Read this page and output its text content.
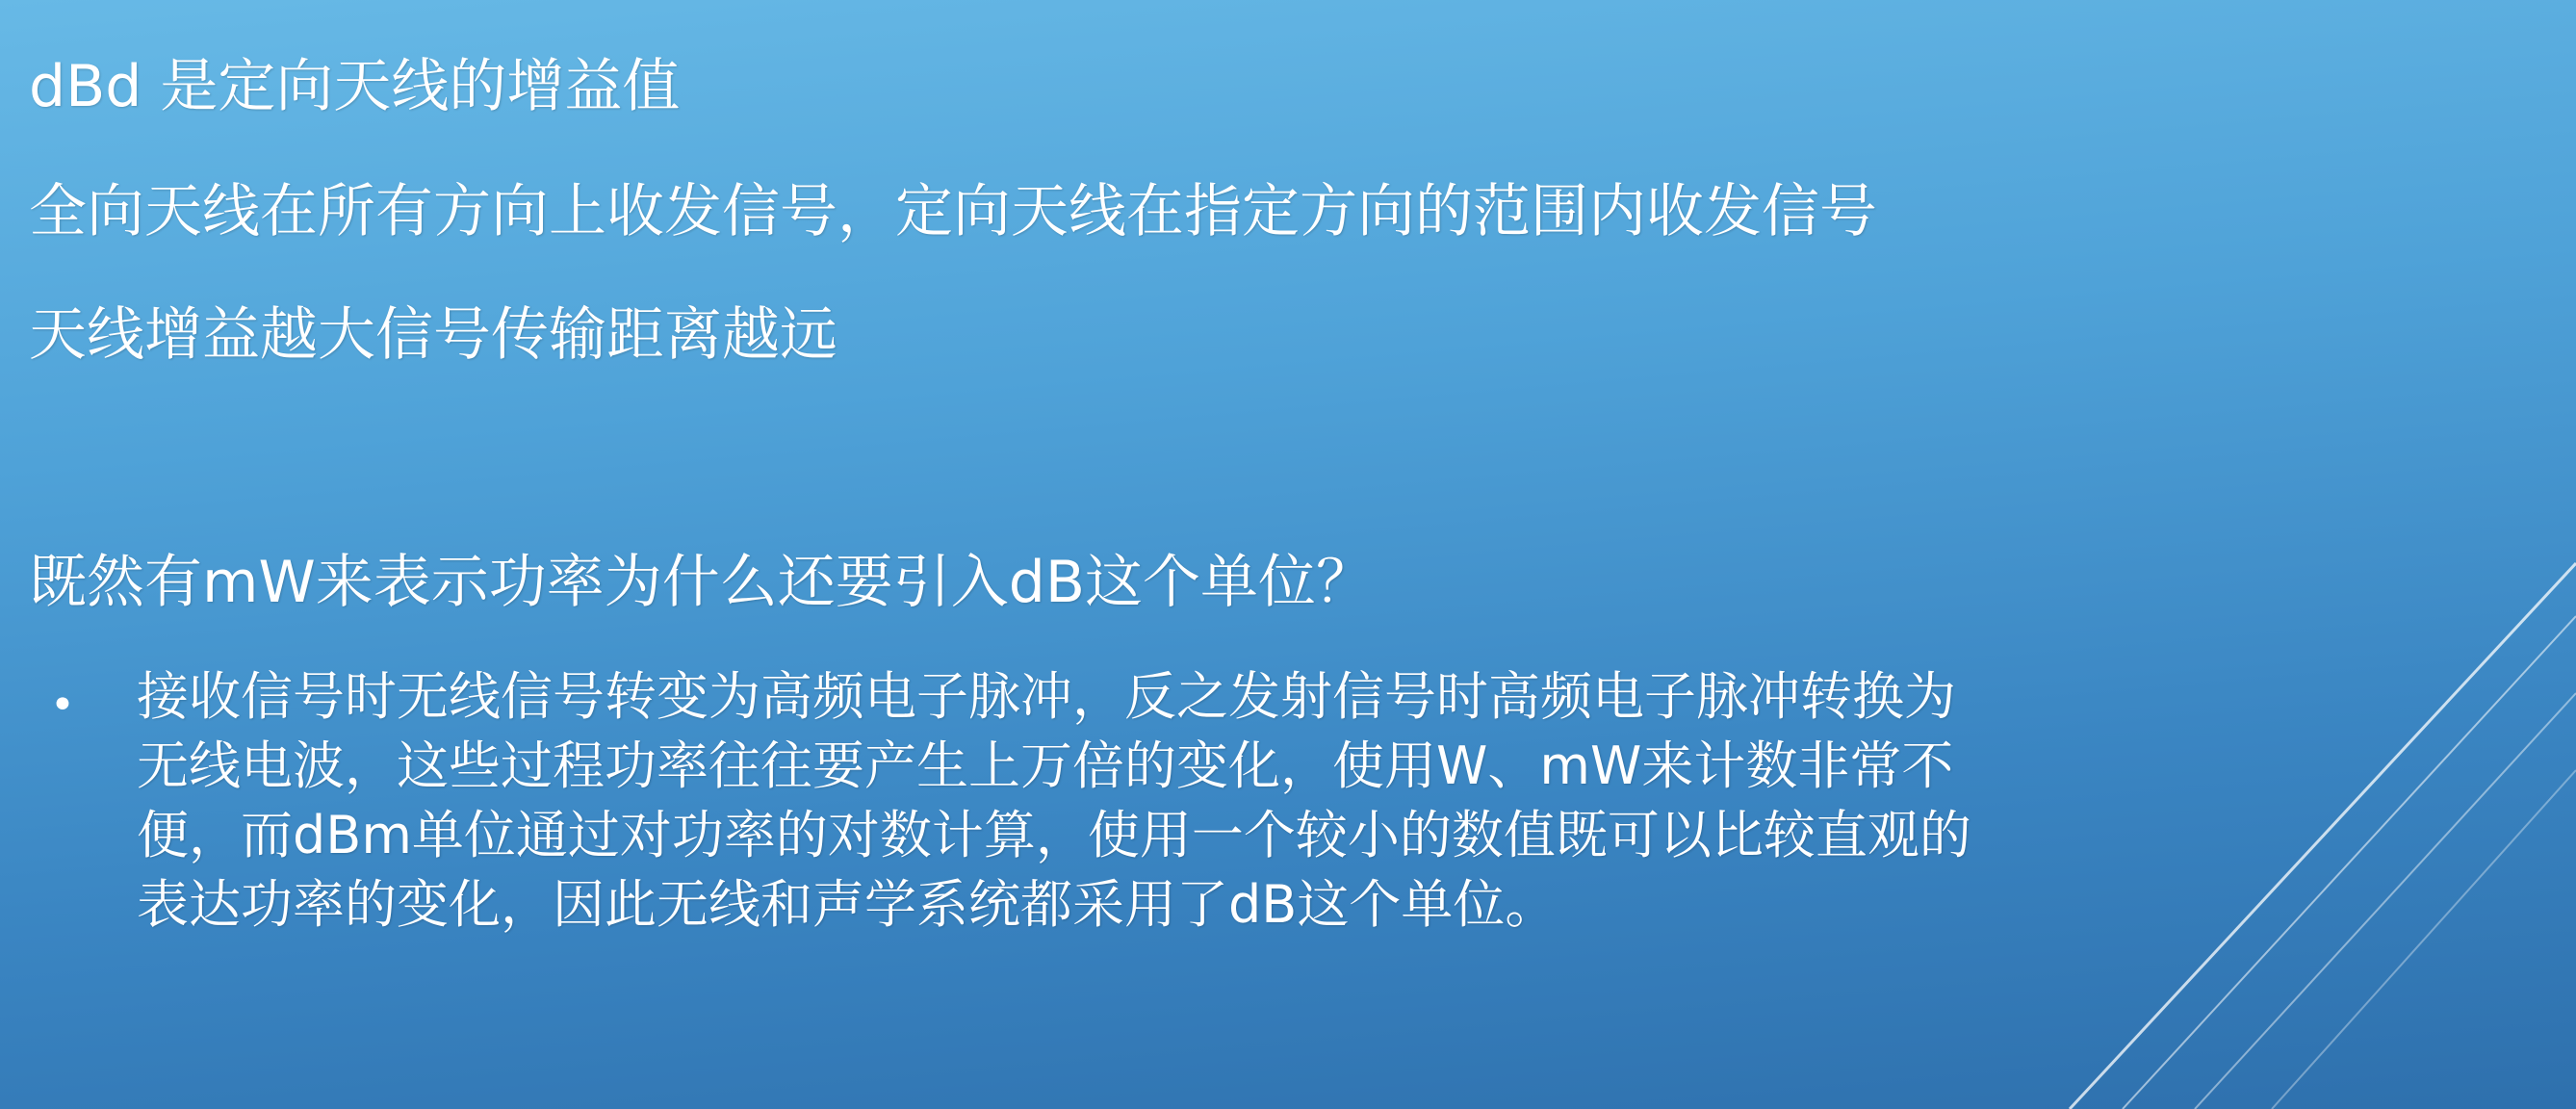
dBd 是定向天线的增益值
全向天线在所有方向上收发信号，定向天线在指定方向的范围内收发信号
天线增益越大信号传输距离越远
既然有mW来表示功率为什么还要引入dB这个单位？
• 接收信号时无线信号转变为高频电子脉冲，反之发射信号时高频电子脉冲转换为
无线电波，这些过程功率往往要产生上万倍的变化，使用W、mW来计数非常不
便，而dBm单位通过对功率的对数计算，使用一个较小的数值既可以比较直观的
表达功率的变化，因此无线和声学系统都采用了dB这个单位。
